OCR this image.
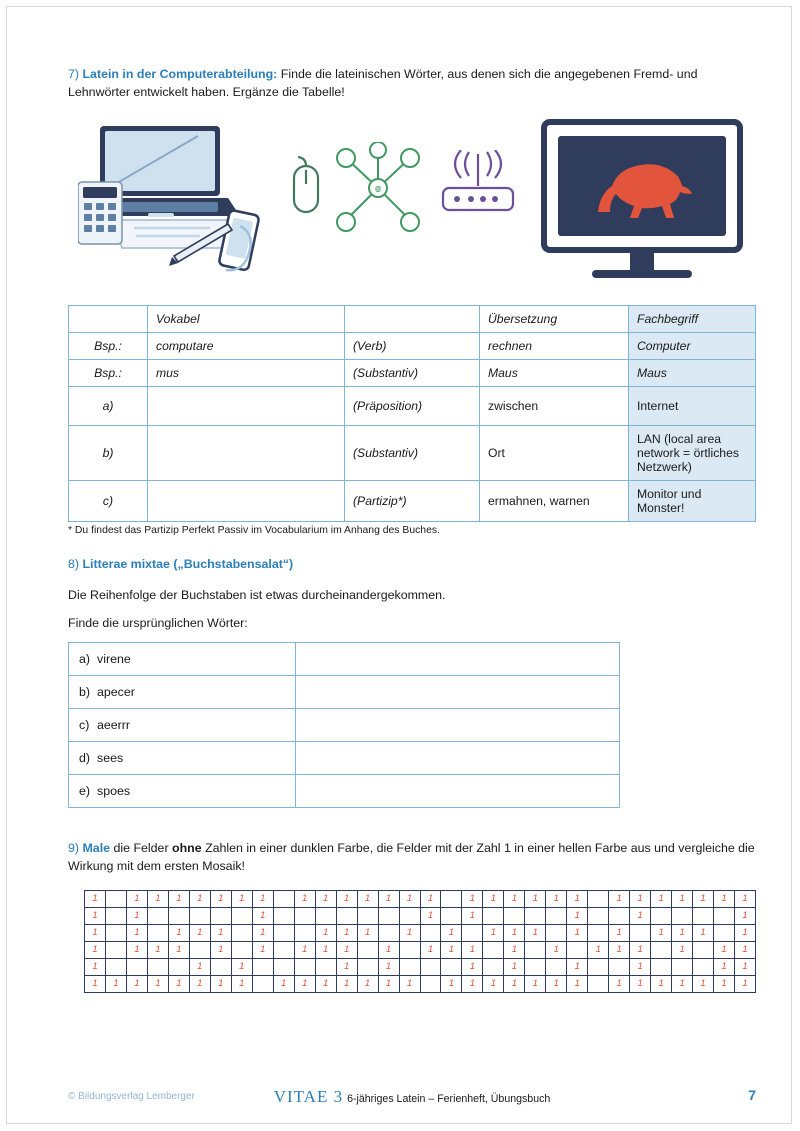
7) Latein in der Computerabteilung: Finde die lateinischen Wörter, aus denen sich die angegebenen Fremd- und Lehnwörter entwickelt haben. Ergänze die Tabelle!

◍
	Vokabel		Übersetzung	Fachbegriff
Bsp.:	computare	(Verb)	rechnen	Computer
Bsp.:	mus	(Substantiv)	Maus	Maus
a)		(Präposition)	zwischen	Internet
b)		(Substantiv)	Ort	LAN (local area network = örtliches Netzwerk)
c)		(Partizip*)	ermahnen, warnen	Monitor und Monster!
* Du findest das Partizip Perfekt Passiv im Vocabularium im Anhang des Buches.

8) Litterae mixtae („Buchstabensalat“)

Die Reihenfolge der Buchstaben ist etwas durcheinandergekommen.

Finde die ursprünglichen Wörter:

a) virene	
b) apecer	
c) aeerrr	
d) sees	
e) spoes	

9) Male die Felder ohne Zahlen in einer dunklen Farbe, die Felder mit der Zahl 1 in einer hellen Farbe aus und vergleiche die Wirkung mit dem ersten Mosaik!

1		1	1	1	1	1	1	1		1	1	1	1	1	1	1		1	1	1	1	1	1		1	1	1	1	1	1	1
1		1						1								1		1					1			1					1
1		1		1	1	1		1			1	1	1		1		1		1	1	1		1		1		1	1	1		1
1		1	1	1		1		1		1	1	1		1		1	1	1		1		1		1	1	1		1		1	1
1					1		1					1		1				1		1			1			1				1	1
1	1	1	1	1	1	1	1		1	1	1	1	1	1	1		1	1	1	1	1	1	1		1	1	1	1	1	1	1
© Bildungsverlag Lemberger	VITAE 3 6-jähriges Latein – Ferienheft, Übungsbuch	7
